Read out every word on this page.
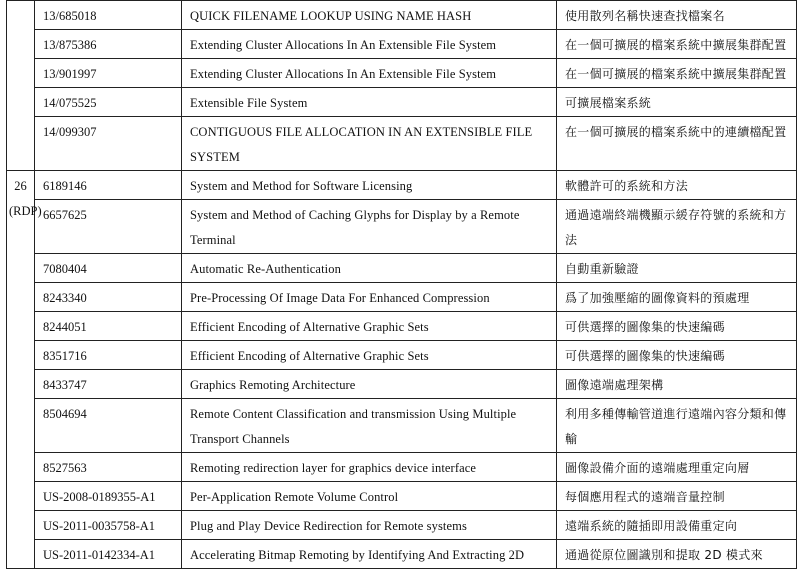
	13/685018	QUICK FILENAME LOOKUP USING NAME HASH	使用散列名稱快速查找檔案名
	13/875386	Extending Cluster Allocations In An Extensible File System	在一個可擴展的檔案系統中擴展集群配置
	13/901997	Extending Cluster Allocations In An Extensible File System	在一個可擴展的檔案系統中擴展集群配置
	14/075525	Extensible File System	可擴展檔案系統
	14/099307	CONTIGUOUS FILE ALLOCATION IN AN EXTENSIBLE FILE SYSTEM	在一個可擴展的檔案系統中的連續檔配置
26 (RDP)	6189146	System and Method for Software Licensing	軟體許可的系統和方法
	6657625	System and Method of Caching Glyphs for Display by a Remote Terminal	通過遠端終端機顯示緩存符號的系統和方法
	7080404	Automatic Re-Authentication	自動重新驗證
	8243340	Pre-Processing Of Image Data For Enhanced Compression	爲了加強壓縮的圖像資料的預處理
	8244051	Efficient Encoding of Alternative Graphic Sets	可供選擇的圖像集的快速編碼
	8351716	Efficient Encoding of Alternative Graphic Sets	可供選擇的圖像集的快速編碼
	8433747	Graphics Remoting Architecture	圖像遠端處理架構
	8504694	Remote Content Classification and transmission Using Multiple Transport Channels	利用多種傳輸管道進行遠端內容分類和傳輸
	8527563	Remoting redirection layer for graphics device interface	圖像設備介面的遠端處理重定向層
	US-2008-0189355-A1	Per-Application Remote Volume Control	每個應用程式的遠端音量控制
	US-2011-0035758-A1	Plug and Play Device Redirection for Remote systems	遠端系統的隨插即用設備重定向
	US-2011-0142334-A1	Accelerating Bitmap Remoting by Identifying And Extracting 2D	通過從原位圖識別和提取 2D 模式來
